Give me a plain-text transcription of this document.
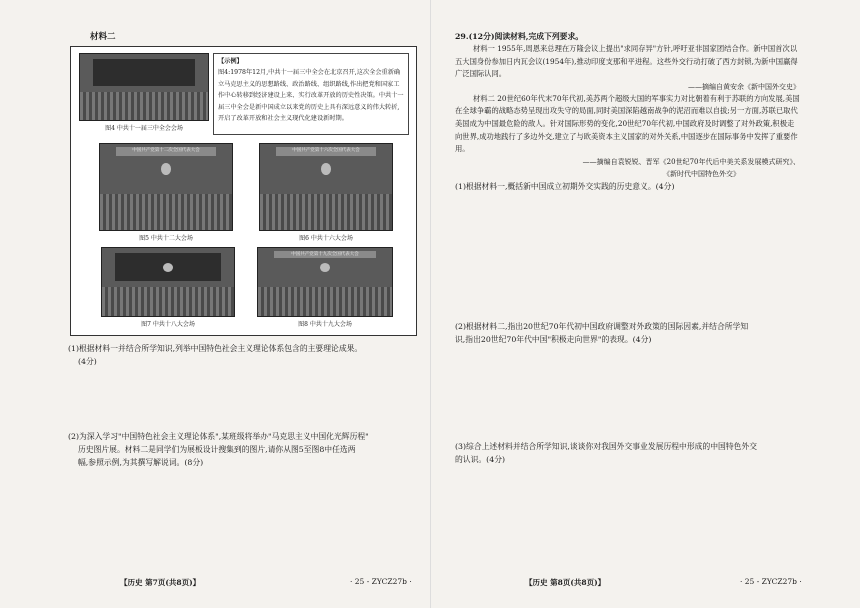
材料二
图4 中共十一届三中全会会场
【示例】
图4:1978年12月,中共十一届三中全会在北京召开,这次全会重新确立马克思主义的思想路线、政治路线、组织路线,作出把党和国家工作中心转移到经济建设上来、实行改革开放的历史性决策。中共十一届三中全会是新中国成立以来党的历史上具有深远意义的伟大转折,开启了改革开放和社会主义现代化建设新时期。
中国共产党第十二次全国代表大会
图5 中共十二大会场
中国共产党第十六次全国代表大会
图6 中共十六大会场
图7 中共十八大会场
中国共产党第十九次全国代表大会
图8 中共十九大会场

(1)根据材料一并结合所学知识,列举中国特色社会主义理论体系包含的主要理论成果。

(4分)

(2)为深入学习"中国特色社会主义理论体系",某班级将举办"马克思主义中国化光辉历程"

历史图片展。材料二是同学们为展板设计搜集到的图片,请你从图5至图8中任选两

幅,参照示例,为其撰写解说词。(8分)

【历史 第7页(共8页)】	· 25 - ZYCZ27b ·

29.(12分)阅读材料,完成下列要求。

材料一 1955年,周恩来总理在万隆会议上提出"求同存异"方针,呼吁亚非国家团结合作。新中国首次以五大国身份参加日内瓦会议(1954年),推动印度支那和平进程。这些外交行动打破了西方封锁,为新中国赢得广泛国际认同。

——摘编自黄安余《新中国外交史》

材料二 20世纪60年代末70年代初,美苏两个超级大国的军事实力对比朝着有利于苏联的方向发展,美国在全球争霸的战略态势呈现出攻失守的局面,同时美国深陷越南战争的泥沼而难以自拔;另一方面,苏联已取代美国成为中国最危险的敌人。针对国际形势的变化,20世纪70年代初,中国政府及时调整了对外政策,积极走向世界,成功地践行了多边外交,建立了与欧美资本主义国家的对外关系,中国逐步在国际事务中发挥了重要作用。

——摘编自袁锐锐、晋军《20世纪70年代后中美关系发展模式研究》、

《新时代中国特色外交》

(1)根据材料一,概括新中国成立初期外交实践的历史意义。(4分)

(2)根据材料二,指出20世纪70年代初中国政府调整对外政策的国际因素,并结合所学知

识,指出20世纪70年代中国"积极走向世界"的表现。(4分)

(3)综合上述材料并结合所学知识,谈谈你对我国外交事业发展历程中形成的中国特色外交

的认识。(4分)

【历史 第8页(共8页)】	· 25 - ZYCZ27b ·
